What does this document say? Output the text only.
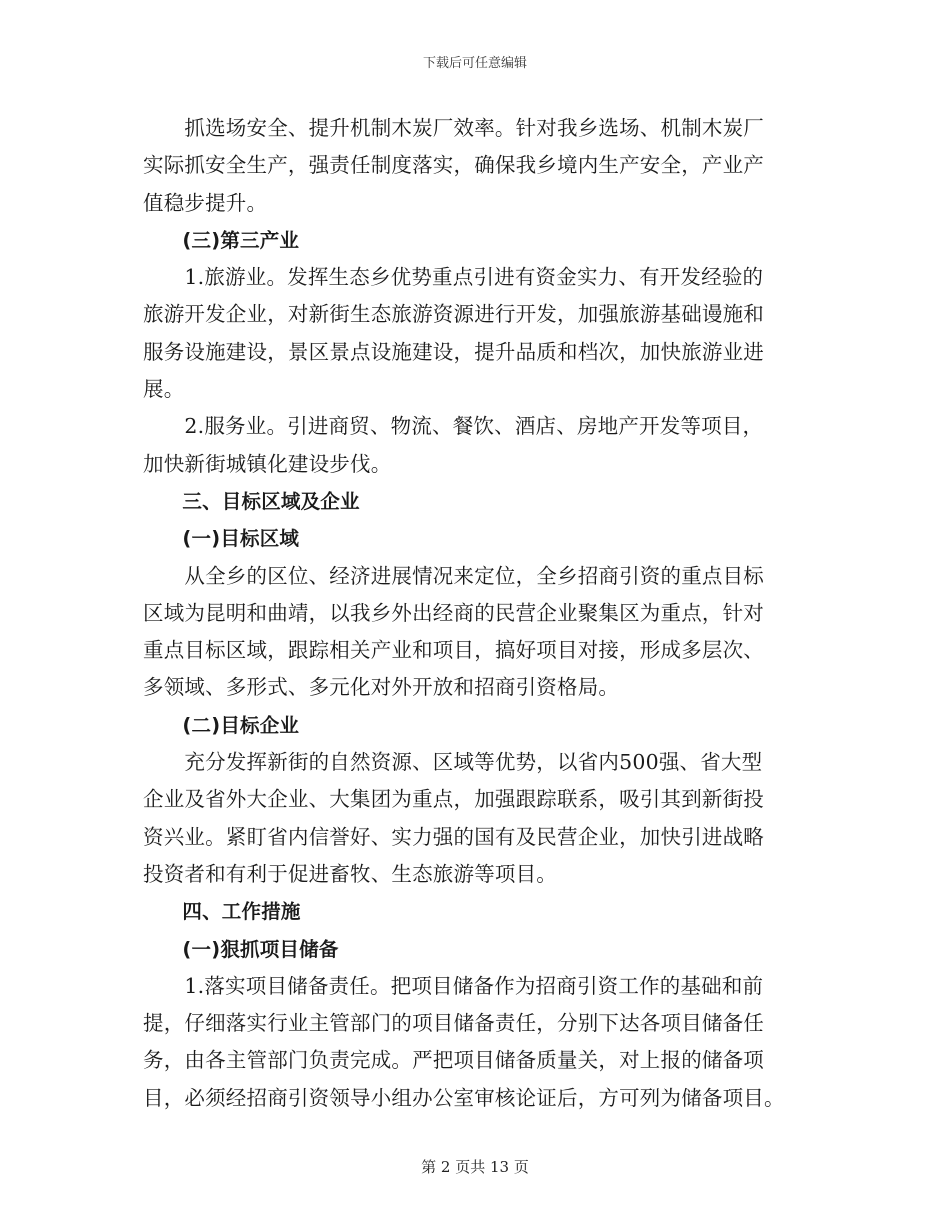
下载后可任意编辑
　　抓选场安全、提升机制木炭厂效率。针对我乡选场、机制木炭厂
实际抓安全生产，强责任制度落实，确保我乡境内生产安全，产业产
值稳步提升。
　　(三)第三产业
　　1.旅游业。发挥生态乡优势重点引进有资金实力、有开发经验的
旅游开发企业，对新街生态旅游资源进行开发，加强旅游基础谩施和
服务设施建设，景区景点设施建设，提升品质和档次，加快旅游业进
展。
　　2.服务业。引进商贸、物流、餐饮、酒店、房地产开发等项目，
加快新街城镇化建设步伐。
　　三、目标区域及企业
　　(一)目标区域
　　从全乡的区位、经济进展情况来定位，全乡招商引资的重点目标
区域为昆明和曲靖，以我乡外出经商的民营企业聚集区为重点，针对
重点目标区域，跟踪相关产业和项目，搞好项目对接，形成多层次、
多领域、多形式、多元化对外开放和招商引资格局。
　　(二)目标企业
　　充分发挥新街的自然资源、区域等优势，以省内500强、省大型
企业及省外大企业、大集团为重点，加强跟踪联系，吸引其到新街投
资兴业。紧盯省内信誉好、实力强的国有及民营企业，加快引进战略
投资者和有利于促进畜牧、生态旅游等项目。
　　四、工作措施
　　(一)狠抓项目储备
　　1.落实项目储备责任。把项目储备作为招商引资工作的基础和前
提，仔细落实行业主管部门的项目储备责任，分别下达各项目储备任
务，由各主管部门负责完成。严把项目储备质量关，对上报的储备项
目，必须经招商引资领导小组办公室审核论证后，方可列为储备项目。
第 2 页共 13 页
